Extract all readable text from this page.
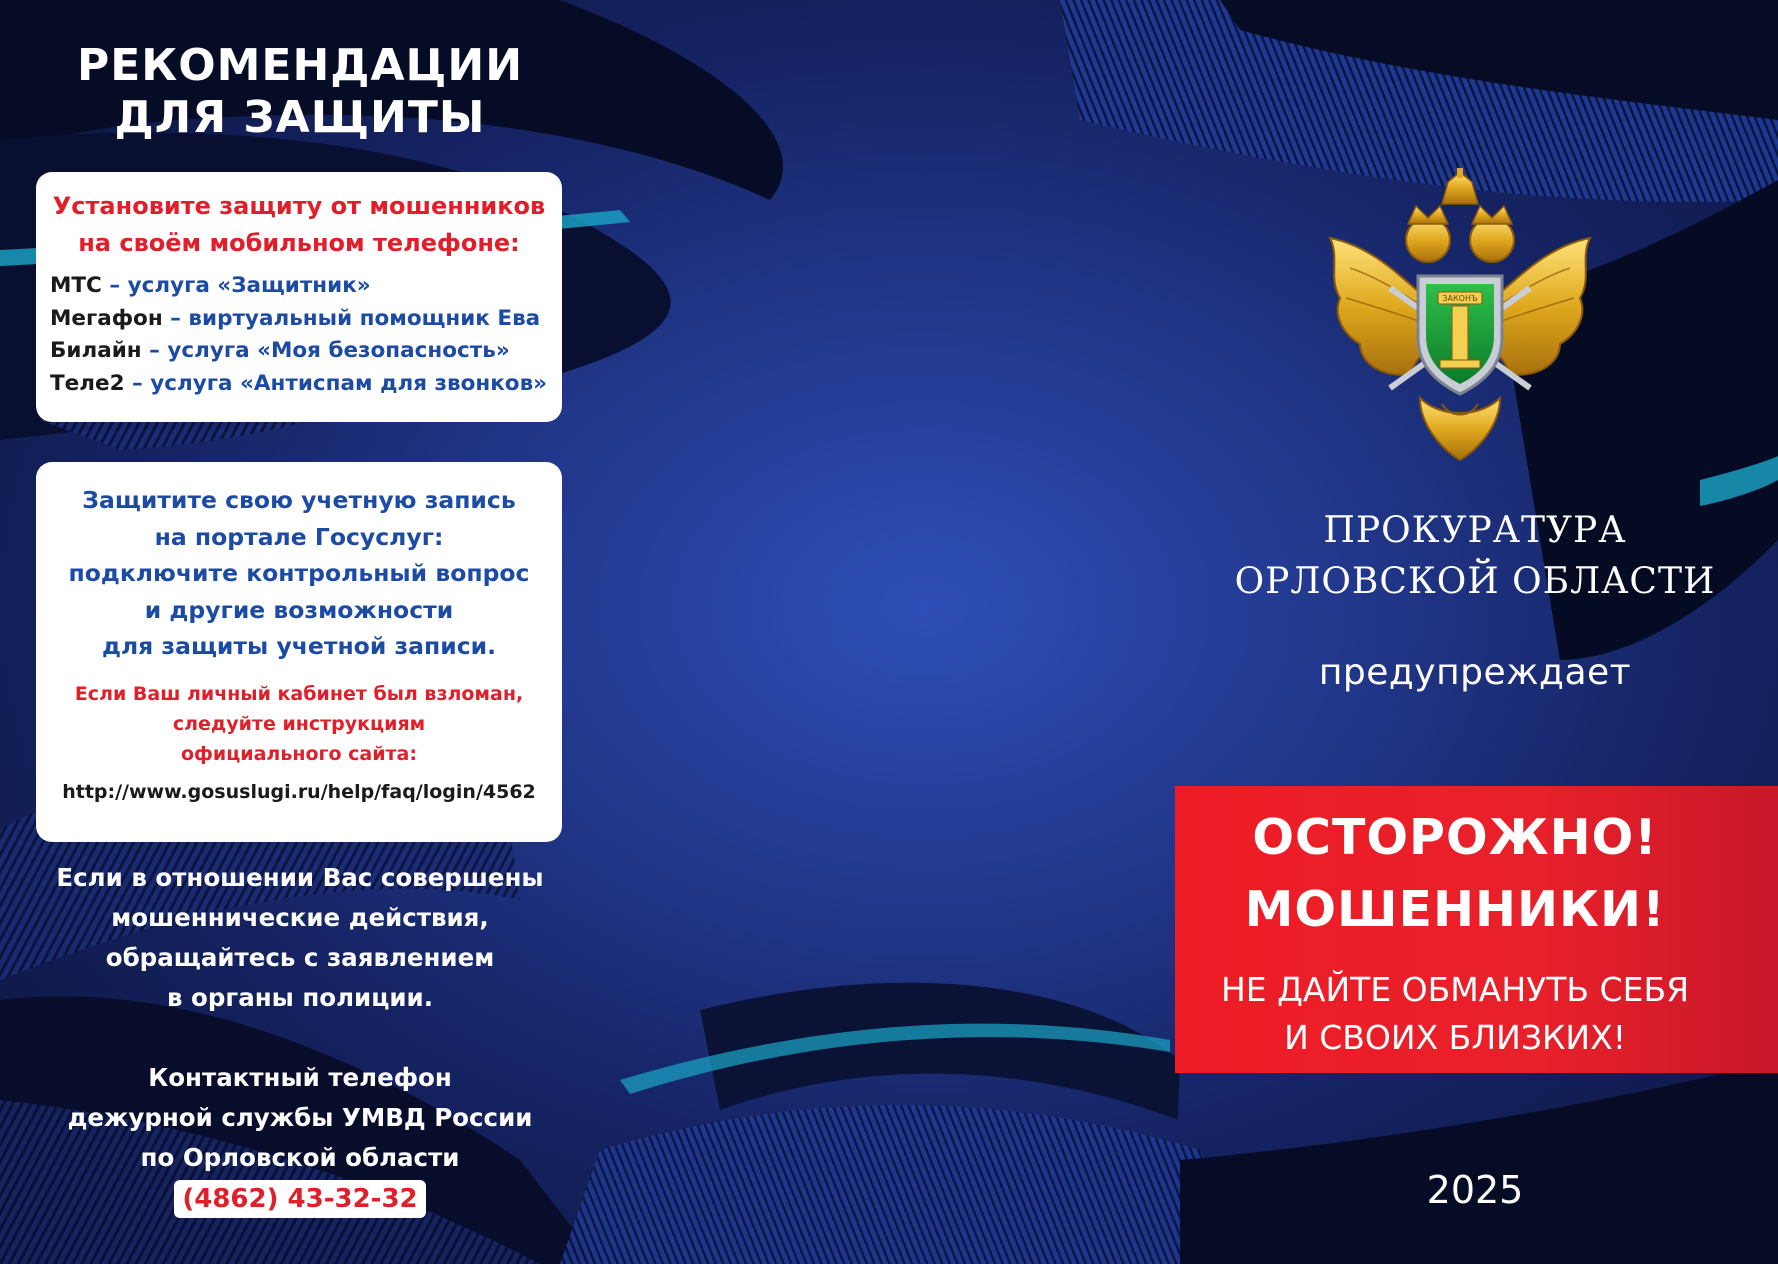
РЕКОМЕНДАЦИИ
ДЛЯ ЗАЩИТЫ
Установите защиту от мошенников
на своём мобильном телефоне:
МТС – услуга «Защитник»
Мегафон – виртуальный помощник Ева
Билайн – услуга «Моя безопасность»
Теле2 – услуга «Антиспам для звонков»
Защитите свою учетную запись
на портале Госуслуг:
подключите контрольный вопрос
и другие возможности
для защиты учетной записи.
Если Ваш личный кабинет был взломан,
следуйте инструкциям
официального сайта:
http://www.gosuslugi.ru/help/faq/login/4562
Если в отношении Вас совершены
мошеннические действия,
обращайтесь с заявлением
в органы полиции.
Контактный телефон
дежурной службы УМВД России
по Орловской области
(4862) 43-32-32
ЗАКОНЪ
ПРОКУРАТУРА
ОРЛОВСКОЙ ОБЛАСТИ
предупреждает
ОСТОРОЖНО!
МОШЕННИКИ!
НЕ ДАЙТЕ ОБМАНУТЬ СЕБЯ
И СВОИХ БЛИЗКИХ!
2025
